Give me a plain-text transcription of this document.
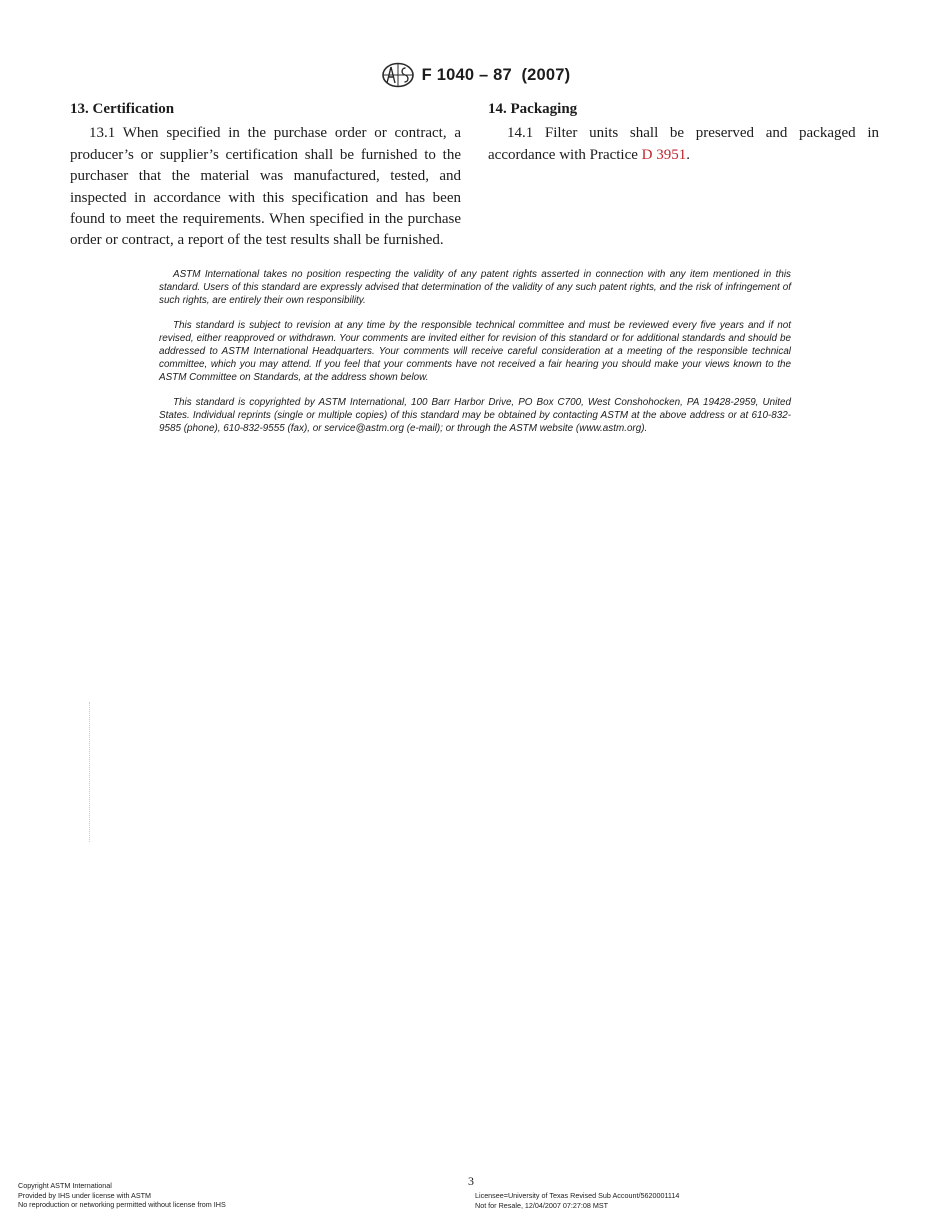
F 1040 – 87  (2007)
13. Certification

13.1 When specified in the purchase order or contract, a producer’s or supplier’s certification shall be furnished to the purchaser that the material was manufactured, tested, and inspected in accordance with this specification and has been found to meet the requirements. When specified in the purchase order or contract, a report of the test results shall be furnished.

14. Packaging

14.1 Filter units shall be preserved and packaged in accordance with Practice D 3951.

ASTM International takes no position respecting the validity of any patent rights asserted in connection with any item mentioned in this standard. Users of this standard are expressly advised that determination of the validity of any such patent rights, and the risk of infringement of such rights, are entirely their own responsibility.

This standard is subject to revision at any time by the responsible technical committee and must be reviewed every five years and if not revised, either reapproved or withdrawn. Your comments are invited either for revision of this standard or for additional standards and should be addressed to ASTM International Headquarters. Your comments will receive careful consideration at a meeting of the responsible technical committee, which you may attend. If you feel that your comments have not received a fair hearing you should make your views known to the ASTM Committee on Standards, at the address shown below.

This standard is copyrighted by ASTM International, 100 Barr Harbor Drive, PO Box C700, West Conshohocken, PA 19428-2959, United States. Individual reprints (single or multiple copies) of this standard may be obtained by contacting ASTM at the above address or at 610-832-9585 (phone), 610-832-9555 (fax), or service@astm.org (e-mail); or through the ASTM website (www.astm.org).

3
Copyright ASTM International
Provided by IHS under license with ASTM
No reproduction or networking permitted without license from IHS
Licensee=University of Texas Revised Sub Account/5620001114
Not for Resale, 12/04/2007 07:27:08 MST
